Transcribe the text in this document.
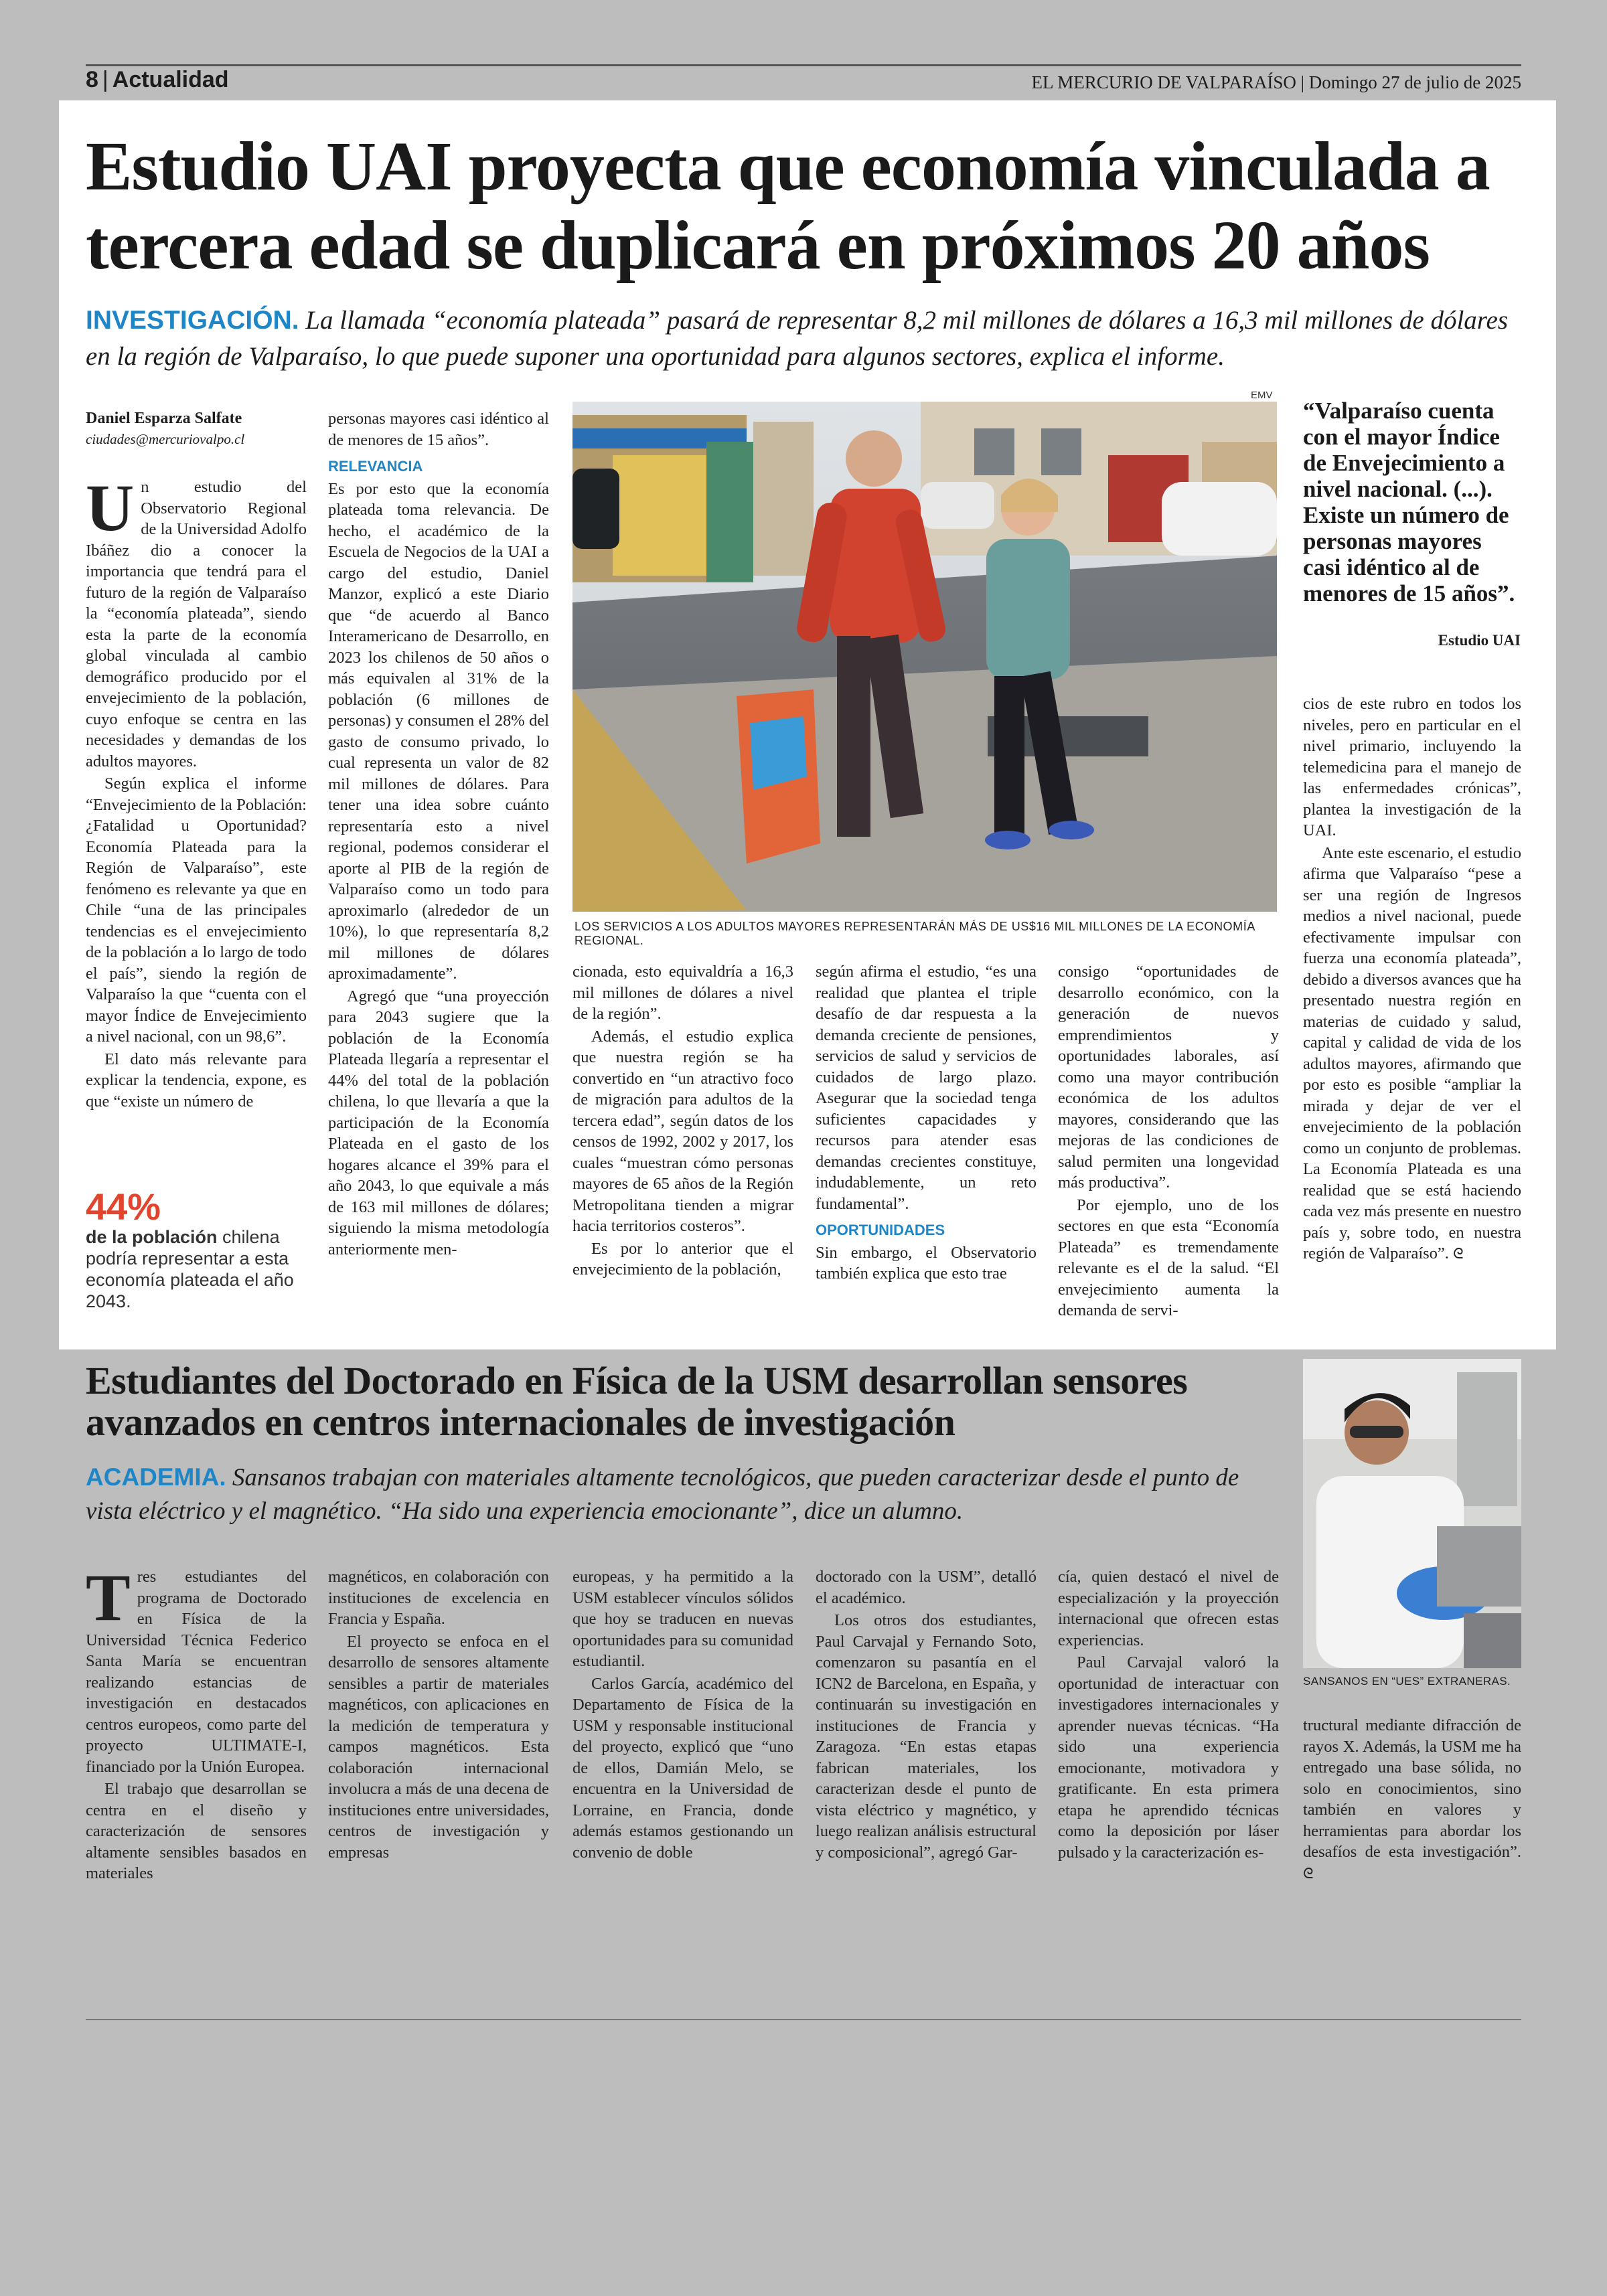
8 | Actualidad	EL MERCURIO DE VALPARAÍSO | Domingo 27 de julio de 2025
Estudio UAI proyecta que economía vinculada a tercera edad se duplicará en próximos 20 años
INVESTIGACIÓN. La llamada “economía plateada” pasará de representar 8,2 mil millones de dólares a 16,3 mil millones de dólares en la región de Valparaíso, lo que puede suponer una oportunidad para algunos sectores, explica el informe.
Daniel Esparza Salfate
ciudades@mercuriovalpo.cl

Un estudio del Observatorio Regional de la Universidad Adolfo Ibáñez dio a conocer la importancia que tendrá para el futuro de la región de Valparaíso la “economía plateada”, siendo esta la parte de la economía global vinculada al cambio demográfico producido por el envejecimiento de la población, cuyo enfoque se centra en las necesidades y demandas de los adultos mayores.

Según explica el informe “Envejecimiento de la Población: ¿Fatalidad u Oportunidad? Economía Plateada para la Región de Valparaíso”, este fenómeno es relevante ya que en Chile “una de las principales tendencias es el envejecimiento de la población a lo largo de todo el país”, siendo la región de Valparaíso la que “cuenta con el mayor Índice de Envejecimiento a nivel nacional, con un 98,6”.

El dato más relevante para explicar la tendencia, expone, es que “existe un número de

44%
de la población chilena podría representar a esta economía plateada el año 2043.

personas mayores casi idéntico al de menores de 15 años”.

RELEVANCIA

Es por esto que la economía plateada toma relevancia. De hecho, el académico de la Escuela de Negocios de la UAI a cargo del estudio, Daniel Manzor, explicó a este Diario que “de acuerdo al Banco Interamericano de Desarrollo, en 2023 los chilenos de 50 años o más equivalen al 31% de la población (6 millones de personas) y consumen el 28% del gasto de consumo privado, lo cual representa un valor de 82 mil millones de dólares. Para tener una idea sobre cuánto representaría esto a nivel regional, podemos considerar el aporte al PIB de la región de Valparaíso como un todo para aproximarlo (alrededor de un 10%), lo que representaría 8,2 mil millones de dólares aproximadamente”.

Agregó que “una proyección para 2043 sugiere que la población de la Economía Plateada llegaría a representar el 44% del total de la población chilena, lo que llevaría a que la participación de la Economía Plateada en el gasto de los hogares alcance el 39% para el año 2043, lo que equivale a más de 163 mil millones de dólares; siguiendo la misma metodología anteriormente men-

EMV
LOS SERVICIOS A LOS ADULTOS MAYORES REPRESENTARÁN MÁS DE US$16 MIL MILLONES DE LA ECONOMÍA REGIONAL.

cionada, esto equivaldría a 16,3 mil millones de dólares a nivel de la región”.

Además, el estudio explica que nuestra región se ha convertido en “un atractivo foco de migración para adultos de la tercera edad”, según datos de los censos de 1992, 2002 y 2017, los cuales “muestran cómo personas mayores de 65 años de la Región Metropolitana tienden a migrar hacia territorios costeros”.

Es por lo anterior que el envejecimiento de la población,

según afirma el estudio, “es una realidad que plantea el triple desafío de dar respuesta a la demanda creciente de pensiones, servicios de salud y servicios de cuidados de largo plazo. Asegurar que la sociedad tenga suficientes capacidades y recursos para atender esas demandas crecientes constituye, indudablemente, un reto fundamental”.

OPORTUNIDADES

Sin embargo, el Observatorio también explica que esto trae

consigo “oportunidades de desarrollo económico, con la generación de nuevos emprendimientos y oportunidades laborales, así como una mayor contribución económica de los adultos mayores, considerando que las mejoras de las condiciones de salud permiten una longevidad más productiva”.

Por ejemplo, uno de los sectores en que esta “Economía Plateada” es tremendamente relevante es el de la salud. “El envejecimiento aumenta la demanda de servi-

“Valparaíso cuenta con el mayor Índice de Envejecimiento a nivel nacional. (...). Existe un número de personas mayores casi idéntico al de menores de 15 años”.
Estudio UAI

cios de este rubro en todos los niveles, pero en particular en el nivel primario, incluyendo la telemedicina para el manejo de las enfermedades crónicas”, plantea la investigación de la UAI.

Ante este escenario, el estudio afirma que Valparaíso “pese a ser una región de Ingresos medios a nivel nacional, puede efectivamente impulsar con fuerza una economía plateada”, debido a diversos avances que ha presentado nuestra región en materias de cuidado y salud, capital y calidad de vida de los adultos mayores, afirmando que por esto es posible “ampliar la mirada y dejar de ver el envejecimiento de la población como un conjunto de problemas. La Economía Plateada es una realidad que se está haciendo cada vez más presente en nuestro país y, sobre todo, en nuestra región de Valparaíso”. ᘓ

Estudiantes del Doctorado en Física de la USM desarrollan sensores avanzados en centros internacionales de investigación
ACADEMIA. Sansanos trabajan con materiales altamente tecnológicos, que pueden caracterizar desde el punto de vista eléctrico y el magnético. “Ha sido una experiencia emocionante”, dice un alumno.
SANSANOS EN “UES” EXTRANERAS.

Tres estudiantes del programa de Doctorado en Física de la Universidad Técnica Federico Santa María se encuentran realizando estancias de investigación en destacados centros europeos, como parte del proyecto ULTIMATE-I, financiado por la Unión Europea.

El trabajo que desarrollan se centra en el diseño y caracterización de sensores altamente sensibles basados en materiales

magnéticos, en colaboración con instituciones de excelencia en Francia y España.

El proyecto se enfoca en el desarrollo de sensores altamente sensibles a partir de materiales magnéticos, con aplicaciones en la medición de temperatura y campos magnéticos. Esta colaboración internacional involucra a más de una decena de instituciones entre universidades, centros de investigación y empresas

europeas, y ha permitido a la USM establecer vínculos sólidos que hoy se traducen en nuevas oportunidades para su comunidad estudiantil.

Carlos García, académico del Departamento de Física de la USM y responsable institucional del proyecto, explicó que “uno de ellos, Damián Melo, se encuentra en la Universidad de Lorraine, en Francia, donde además estamos gestionando un convenio de doble

doctorado con la USM”, detalló el académico.

Los otros dos estudiantes, Paul Carvajal y Fernando Soto, comenzaron su pasantía en el ICN2 de Barcelona, en España, y continuarán su investigación en instituciones de Francia y Zaragoza. “En estas etapas fabrican materiales, los caracterizan desde el punto de vista eléctrico y magnético, y luego realizan análisis estructural y composicional”, agregó Gar-

cía, quien destacó el nivel de especialización y la proyección internacional que ofrecen estas experiencias.

Paul Carvajal valoró la oportunidad de interactuar con investigadores internacionales y aprender nuevas técnicas. “Ha sido una experiencia emocionante, motivadora y gratificante. En esta primera etapa he aprendido técnicas como la deposición por láser pulsado y la caracterización es-

tructural mediante difracción de rayos X. Además, la USM me ha entregado una base sólida, no solo en conocimientos, sino también en valores y herramientas para abordar los desafíos de esta investigación”. ᘓ
